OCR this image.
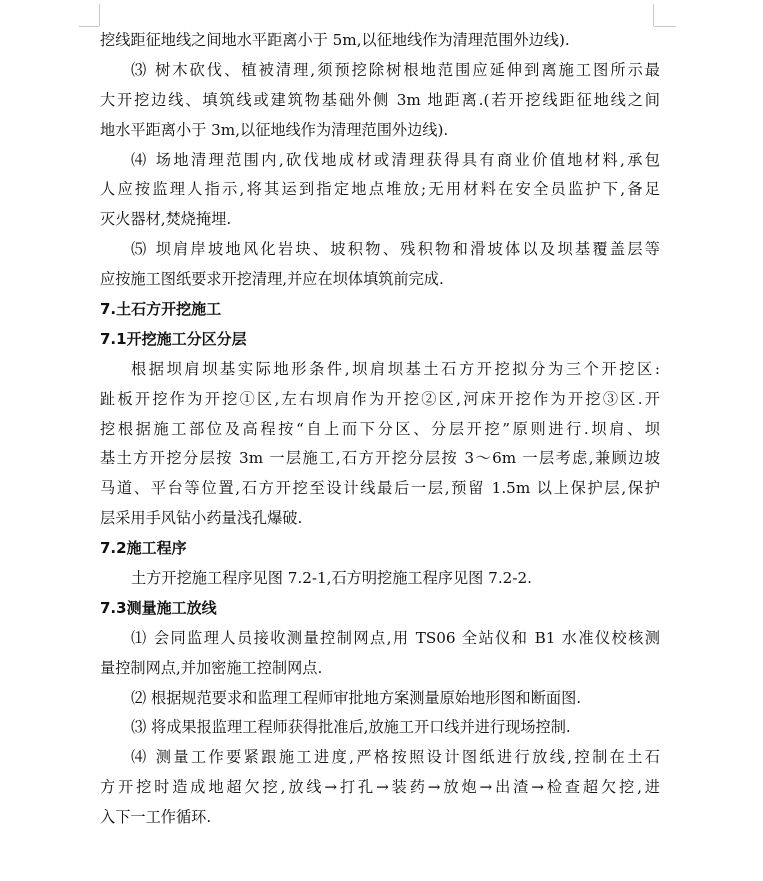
挖线距征地线之间地水平距离小于 5m,以征地线作为清理范围外边线).
⑶ 树木砍伐、植被清理,须预挖除树根地范围应延伸到离施工图所示最
大开挖边线、填筑线或建筑物基础外侧 3m 地距离.(若开挖线距征地线之间
地水平距离小于 3m,以征地线作为清理范围外边线).
⑷ 场地清理范围内,砍伐地成材或清理获得具有商业价值地材料,承包
人应按监理人指示,将其运到指定地点堆放;无用材料在安全员监护下,备足
灭火器材,焚烧掩埋.
⑸ 坝肩岸坡地风化岩块、坡积物、残积物和滑坡体以及坝基覆盖层等
应按施工图纸要求开挖清理,并应在坝体填筑前完成.
7.土石方开挖施工
7.1开挖施工分区分层
根据坝肩坝基实际地形条件,坝肩坝基土石方开挖拟分为三个开挖区:
趾板开挖作为开挖①区,左右坝肩作为开挖②区,河床开挖作为开挖③区.开
挖根据施工部位及高程按“自上而下分区、分层开挖”原则进行.坝肩、坝
基土方开挖分层按 3m 一层施工,石方开挖分层按 3～6m 一层考虑,兼顾边坡
马道、平台等位置,石方开挖至设计线最后一层,预留 1.5m 以上保护层,保护
层采用手风钻小药量浅孔爆破.
7.2施工程序
土方开挖施工程序见图 7.2-1,石方明挖施工程序见图 7.2-2.
7.3测量施工放线
⑴ 会同监理人员接收测量控制网点,用 TS06 全站仪和 B1 水准仪校核测
量控制网点,并加密施工控制网点.
⑵ 根据规范要求和监理工程师审批地方案测量原始地形图和断面图.
⑶ 将成果报监理工程师获得批准后,放施工开口线并进行现场控制.
⑷ 测量工作要紧跟施工进度,严格按照设计图纸进行放线,控制在土石
方开挖时造成地超欠挖,放线→打孔→装药→放炮→出渣→检查超欠挖,进
入下一工作循环.
